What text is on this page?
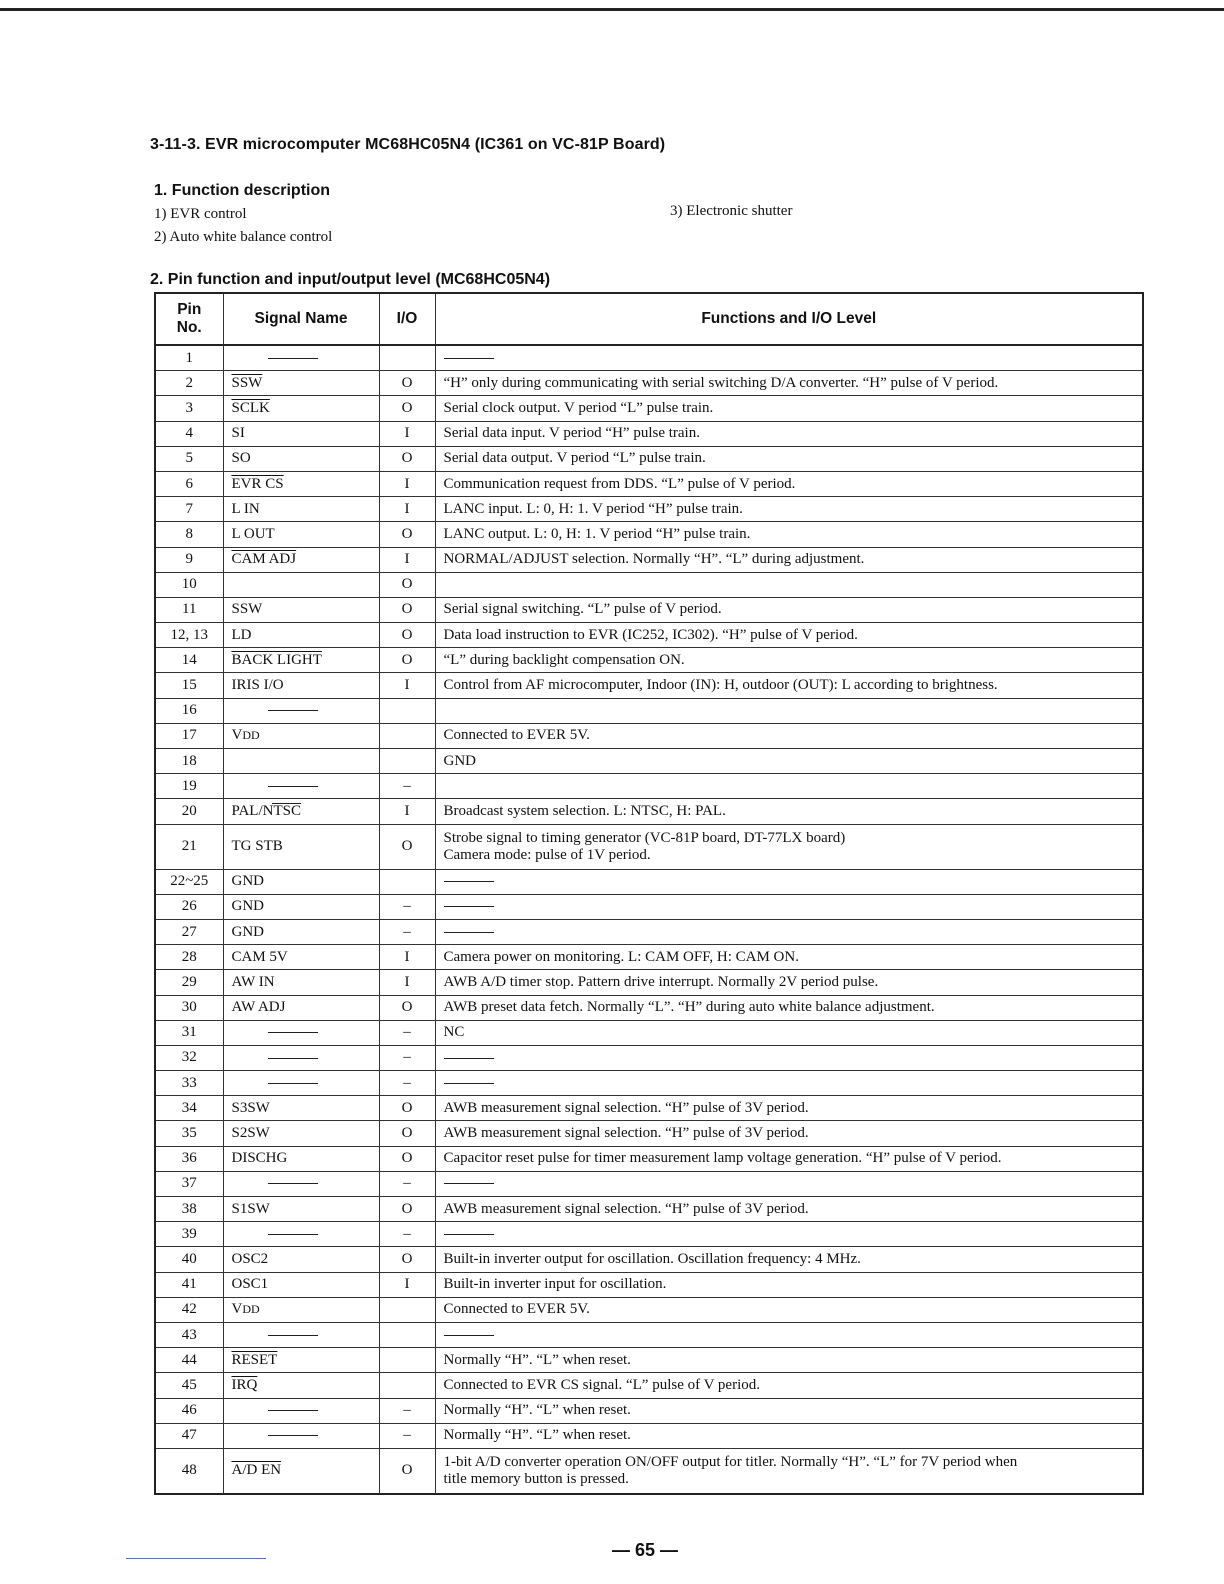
3-11-3. EVR microcomputer MC68HC05N4 (IC361 on VC-81P Board)
1. Function description
1) EVR control
2) Auto white balance control
3) Electronic shutter
2. Pin function and input/output level (MC68HC05N4)
Pin No.	Signal Name	I/O	Functions and I/O Level
1			
2	$\overline{SSW}$	O	“H” only during communicating with serial switching D/A converter. “H” pulse of V period.

3	SCLK	O	Serial clock output. V period “L” pulse train.

4	SI	I	Serial data input. V period “H” pulse train.

5	SO	O	Serial data output. V period “L” pulse train.

6	EVR CS	I	Communication request from DDS. “L” pulse of V period.

7	L IN	I	LANC input. L: 0, H: 1. V period “H” pulse train.

8	L OUT	O	LANC output. L: 0, H: 1. V period “H” pulse train.

9	CAM ADJ	I	NORMAL/ADJUST selection. Normally “H”. “L” during adjustment.

10		O	

11	SSW	O	Serial signal switching. “L” pulse of V period.

12, 13	LD	O	Data load instruction to EVR (IC252, IC302). “H” pulse of V period.

14	BACK LIGHT	O	“L” during backlight compensation ON.

15	IRIS I/O	I	Control from AF microcomputer, Indoor (IN): H, outdoor (OUT): L according to brightness.

16			

17	VDD		Connected to EVER 5V.

18			GND

19		–	

20	PAL/NTSC	I	Broadcast system selection. L: NTSC, H: PAL.

21	TG STB	O	Strobe signal to timing generator (VC-81P board, DT-77LX board)
Camera mode: pulse of 1V period.

22~25	GND		
26	GND	–	
27	GND	–	
28	CAM 5V	I	Camera power on monitoring. L: CAM OFF, H: CAM ON.

29	AW IN	I	AWB A/D timer stop. Pattern drive interrupt. Normally 2V period pulse.

30	AW ADJ	O	AWB preset data fetch. Normally “L”. “H” during auto white balance adjustment.

31		–	NC

32		–	
33		–	
34	S3SW	O	AWB measurement signal selection. “H” pulse of 3V period.

35	S2SW	O	AWB measurement signal selection. “H” pulse of 3V period.

36	DISCHG	O	Capacitor reset pulse for timer measurement lamp voltage generation. “H” pulse of V period.

37		–	
38	S1SW	O	AWB measurement signal selection. “H” pulse of 3V period.

39		–	
40	OSC2	O	Built-in inverter output for oscillation. Oscillation frequency: 4 MHz.

41	OSC1	I	Built-in inverter input for oscillation.

42	VDD		Connected to EVER 5V.

43			
44	RESET		Normally “H”. “L” when reset.

45	$\overline{IRQ}$		Connected to EVR CS signal. “L” pulse of V period.

46		–	Normally “H”. “L” when reset.

47		–	Normally “H”. “L” when reset.

48	A/D EN	O	1-bit A/D converter operation ON/OFF output for titler. Normally “H”. “L” for 7V period when
title memory button is pressed.
— 65 —
